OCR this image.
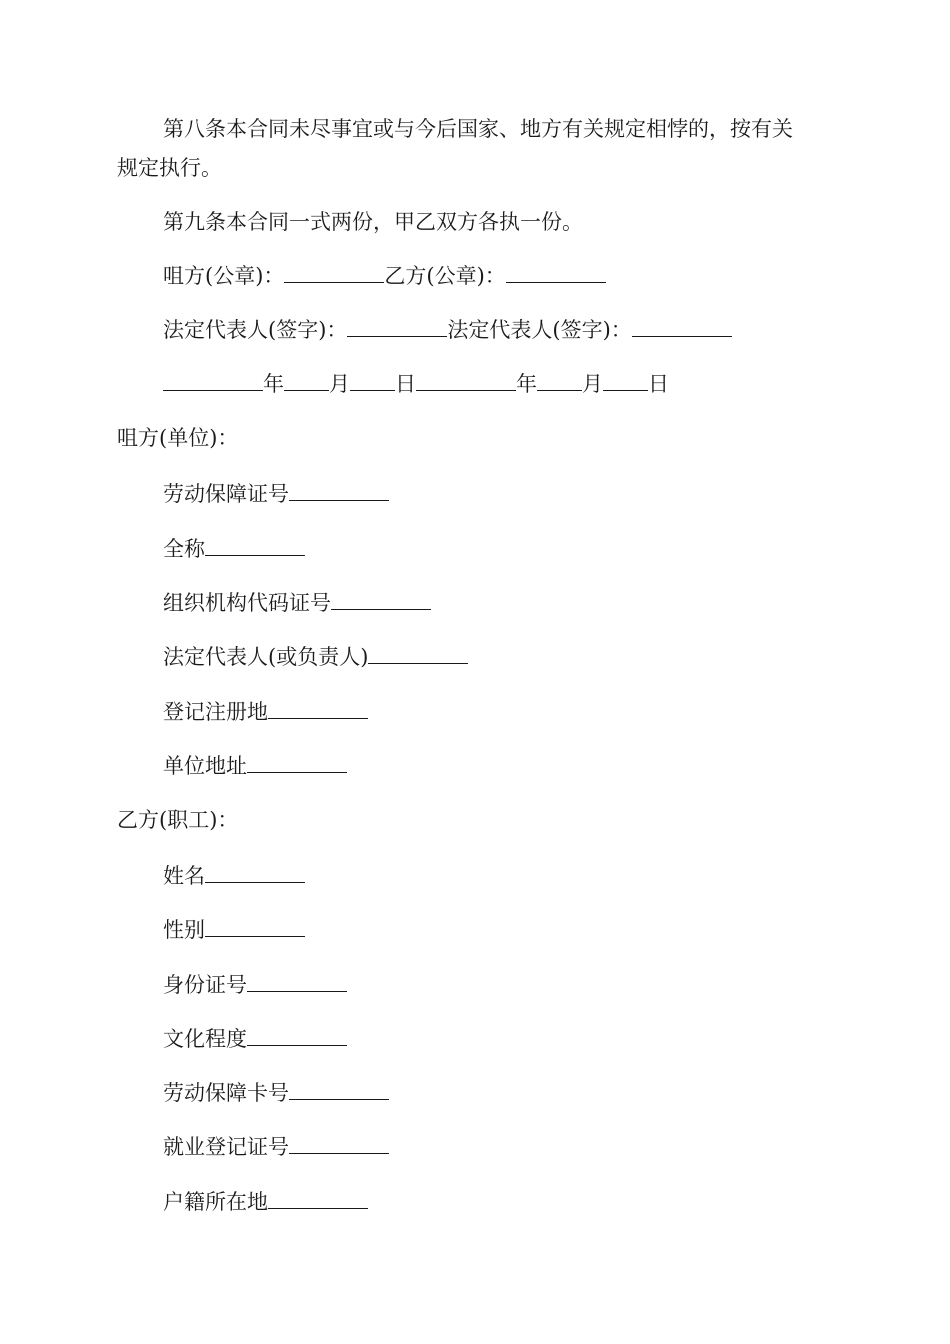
第八条本合同未尽事宜或与今后国家、地方有关规定相悖的，按有关
规定执行。
第九条本合同一式两份，甲乙双方各执一份。
咀方(公章)：	乙方(公章)：
法定代表人(签字)：	法定代表人(签字)：
年 月 日	年 月 日
咀方(单位)：
劳动保障证号
全称
组织机构代码证号
法定代表人(或负责人)
登记注册地
单位地址
乙方(职工)：
姓名
性别
身份证号
文化程度
劳动保障卡号
就业登记证号
户籍所在地
